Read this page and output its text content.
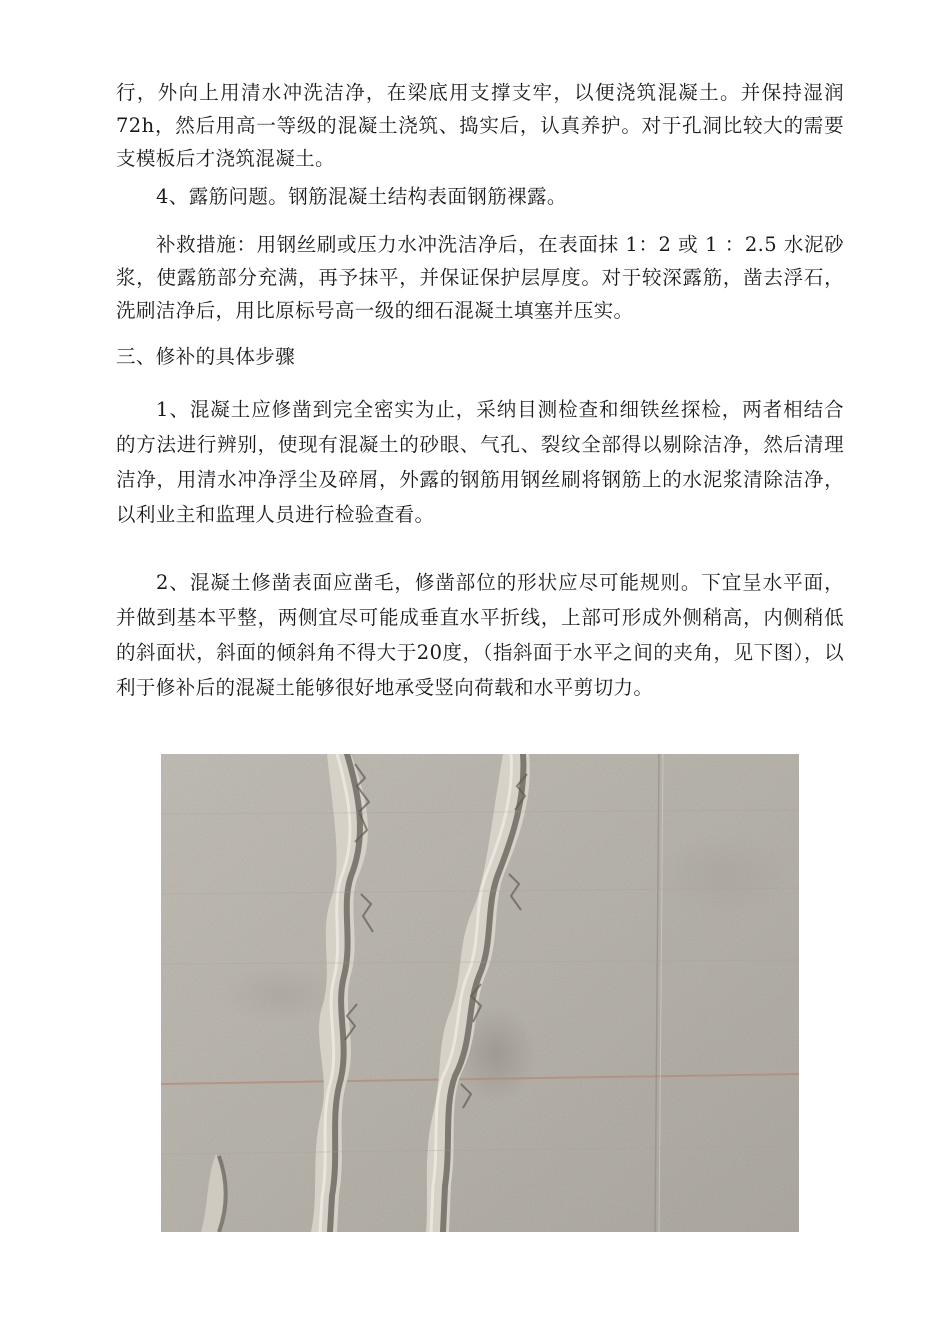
行，外向上用清水冲洗洁净，在梁底用支撑支牢，以便浇筑混凝土。并保持湿润72h，然后用高一等级的混凝土浇筑、捣实后，认真养护。对于孔洞比较大的需要支模板后才浇筑混凝土。

4、露筋问题。钢筋混凝土结构表面钢筋裸露。

补救措施：用钢丝刷或压力水冲洗洁净后，在表面抹 1：2 或 1 ：2.5 水泥砂浆，使露筋部分充满，再予抹平，并保证保护层厚度。对于较深露筋，凿去浮石，洗刷洁净后，用比原标号高一级的细石混凝土填塞并压实。

三、修补的具体步骤

1、混凝土应修凿到完全密实为止，采纳目测检查和细铁丝探检，两者相结合的方法进行辨别，使现有混凝土的砂眼、气孔、裂纹全部得以剔除洁净，然后清理洁净，用清水冲净浮尘及碎屑，外露的钢筋用钢丝刷将钢筋上的水泥浆清除洁净，以利业主和监理人员进行检验查看。

2、混凝土修凿表面应凿毛，修凿部位的形状应尽可能规则。下宜呈水平面，并做到基本平整，两侧宜尽可能成垂直水平折线，上部可形成外侧稍高，内侧稍低的斜面状，斜面的倾斜角不得大于20度，（指斜面于水平之间的夹角，见下图），以利于修补后的混凝土能够很好地承受竖向荷载和水平剪切力。
